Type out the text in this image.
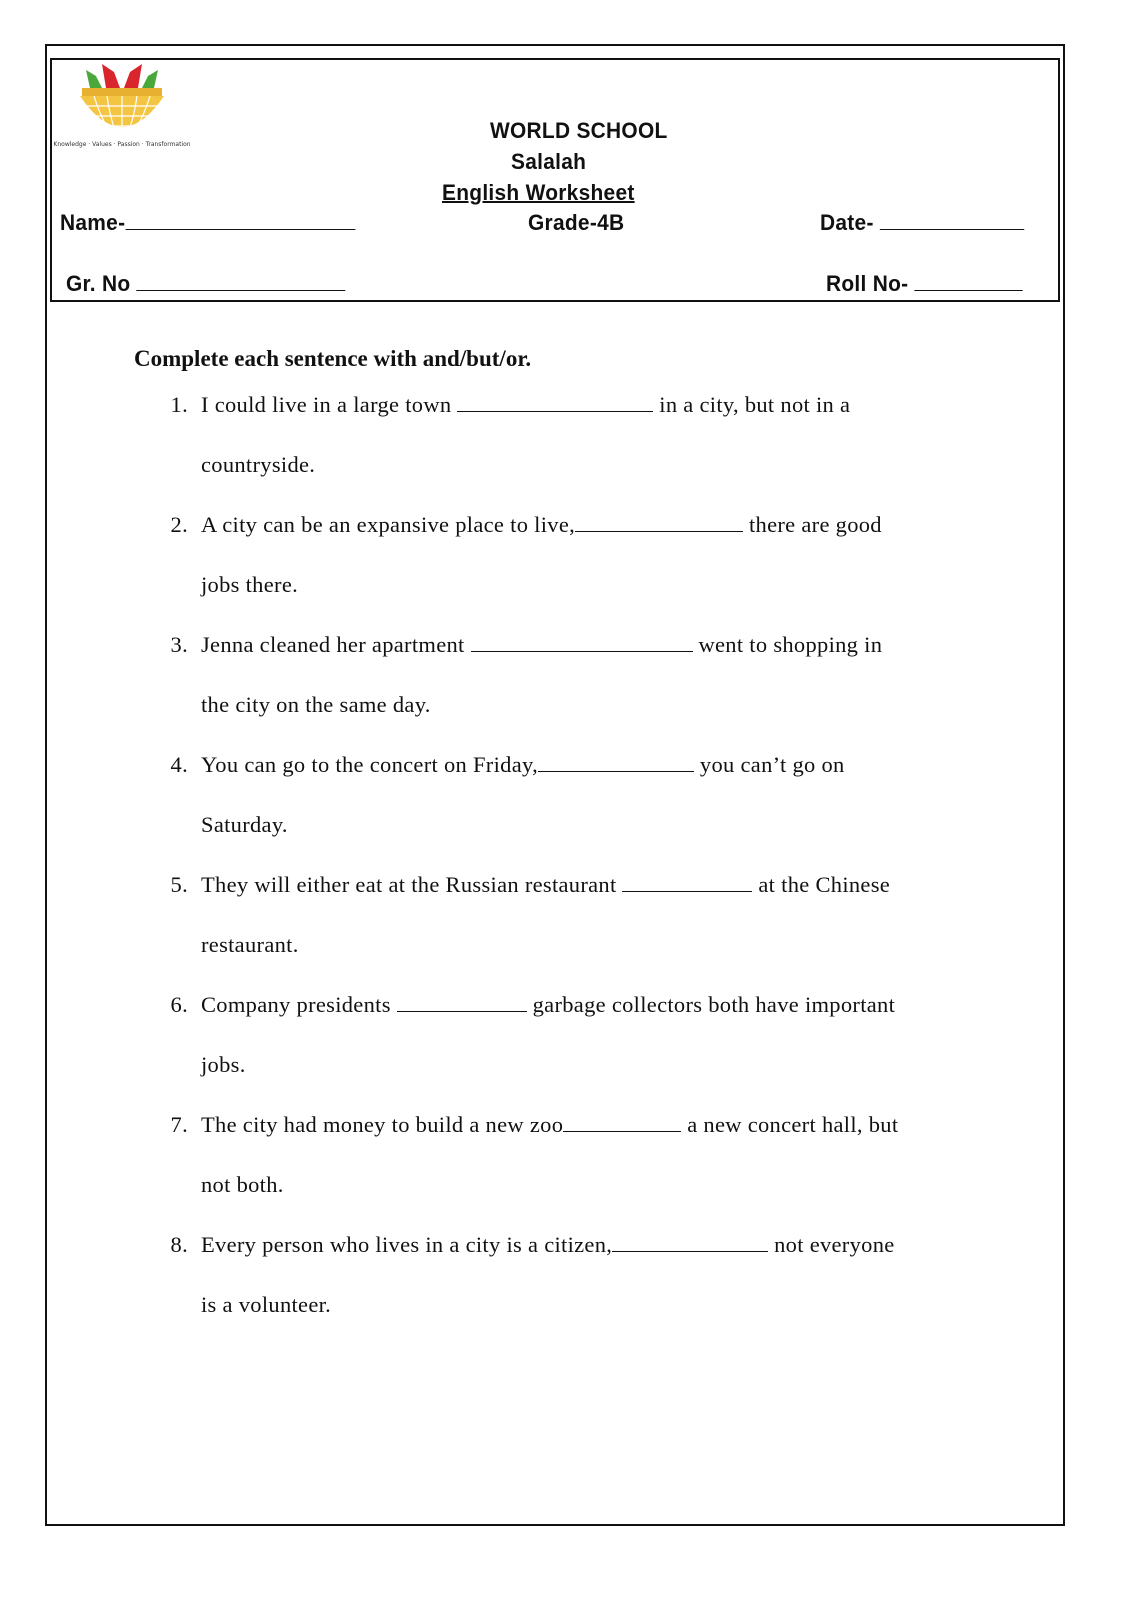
Knowledge · Values · Passion · Transformation
WORLD SCHOOL
Salalah
English Worksheet
Name-	Grade-4B	Date-
Gr. No	Roll No-
Complete each sentence with and/but/or.
1. I could live in a large town	in a city, but not in a
countryside.
2. A city can be an expansive place to live,	there are good
jobs there.
3. Jenna cleaned her apartment	went to shopping in
the city on the same day.
4. You can go to the concert on Friday,	you can’t go on
Saturday.
5. They will either eat at the Russian restaurant	at the Chinese
restaurant.
6. Company presidents	garbage collectors both have important
jobs.
7. The city had money to build a new zoo	a new concert hall, but
not both.
8. Every person who lives in a city is a citizen,	not everyone
is a volunteer.
